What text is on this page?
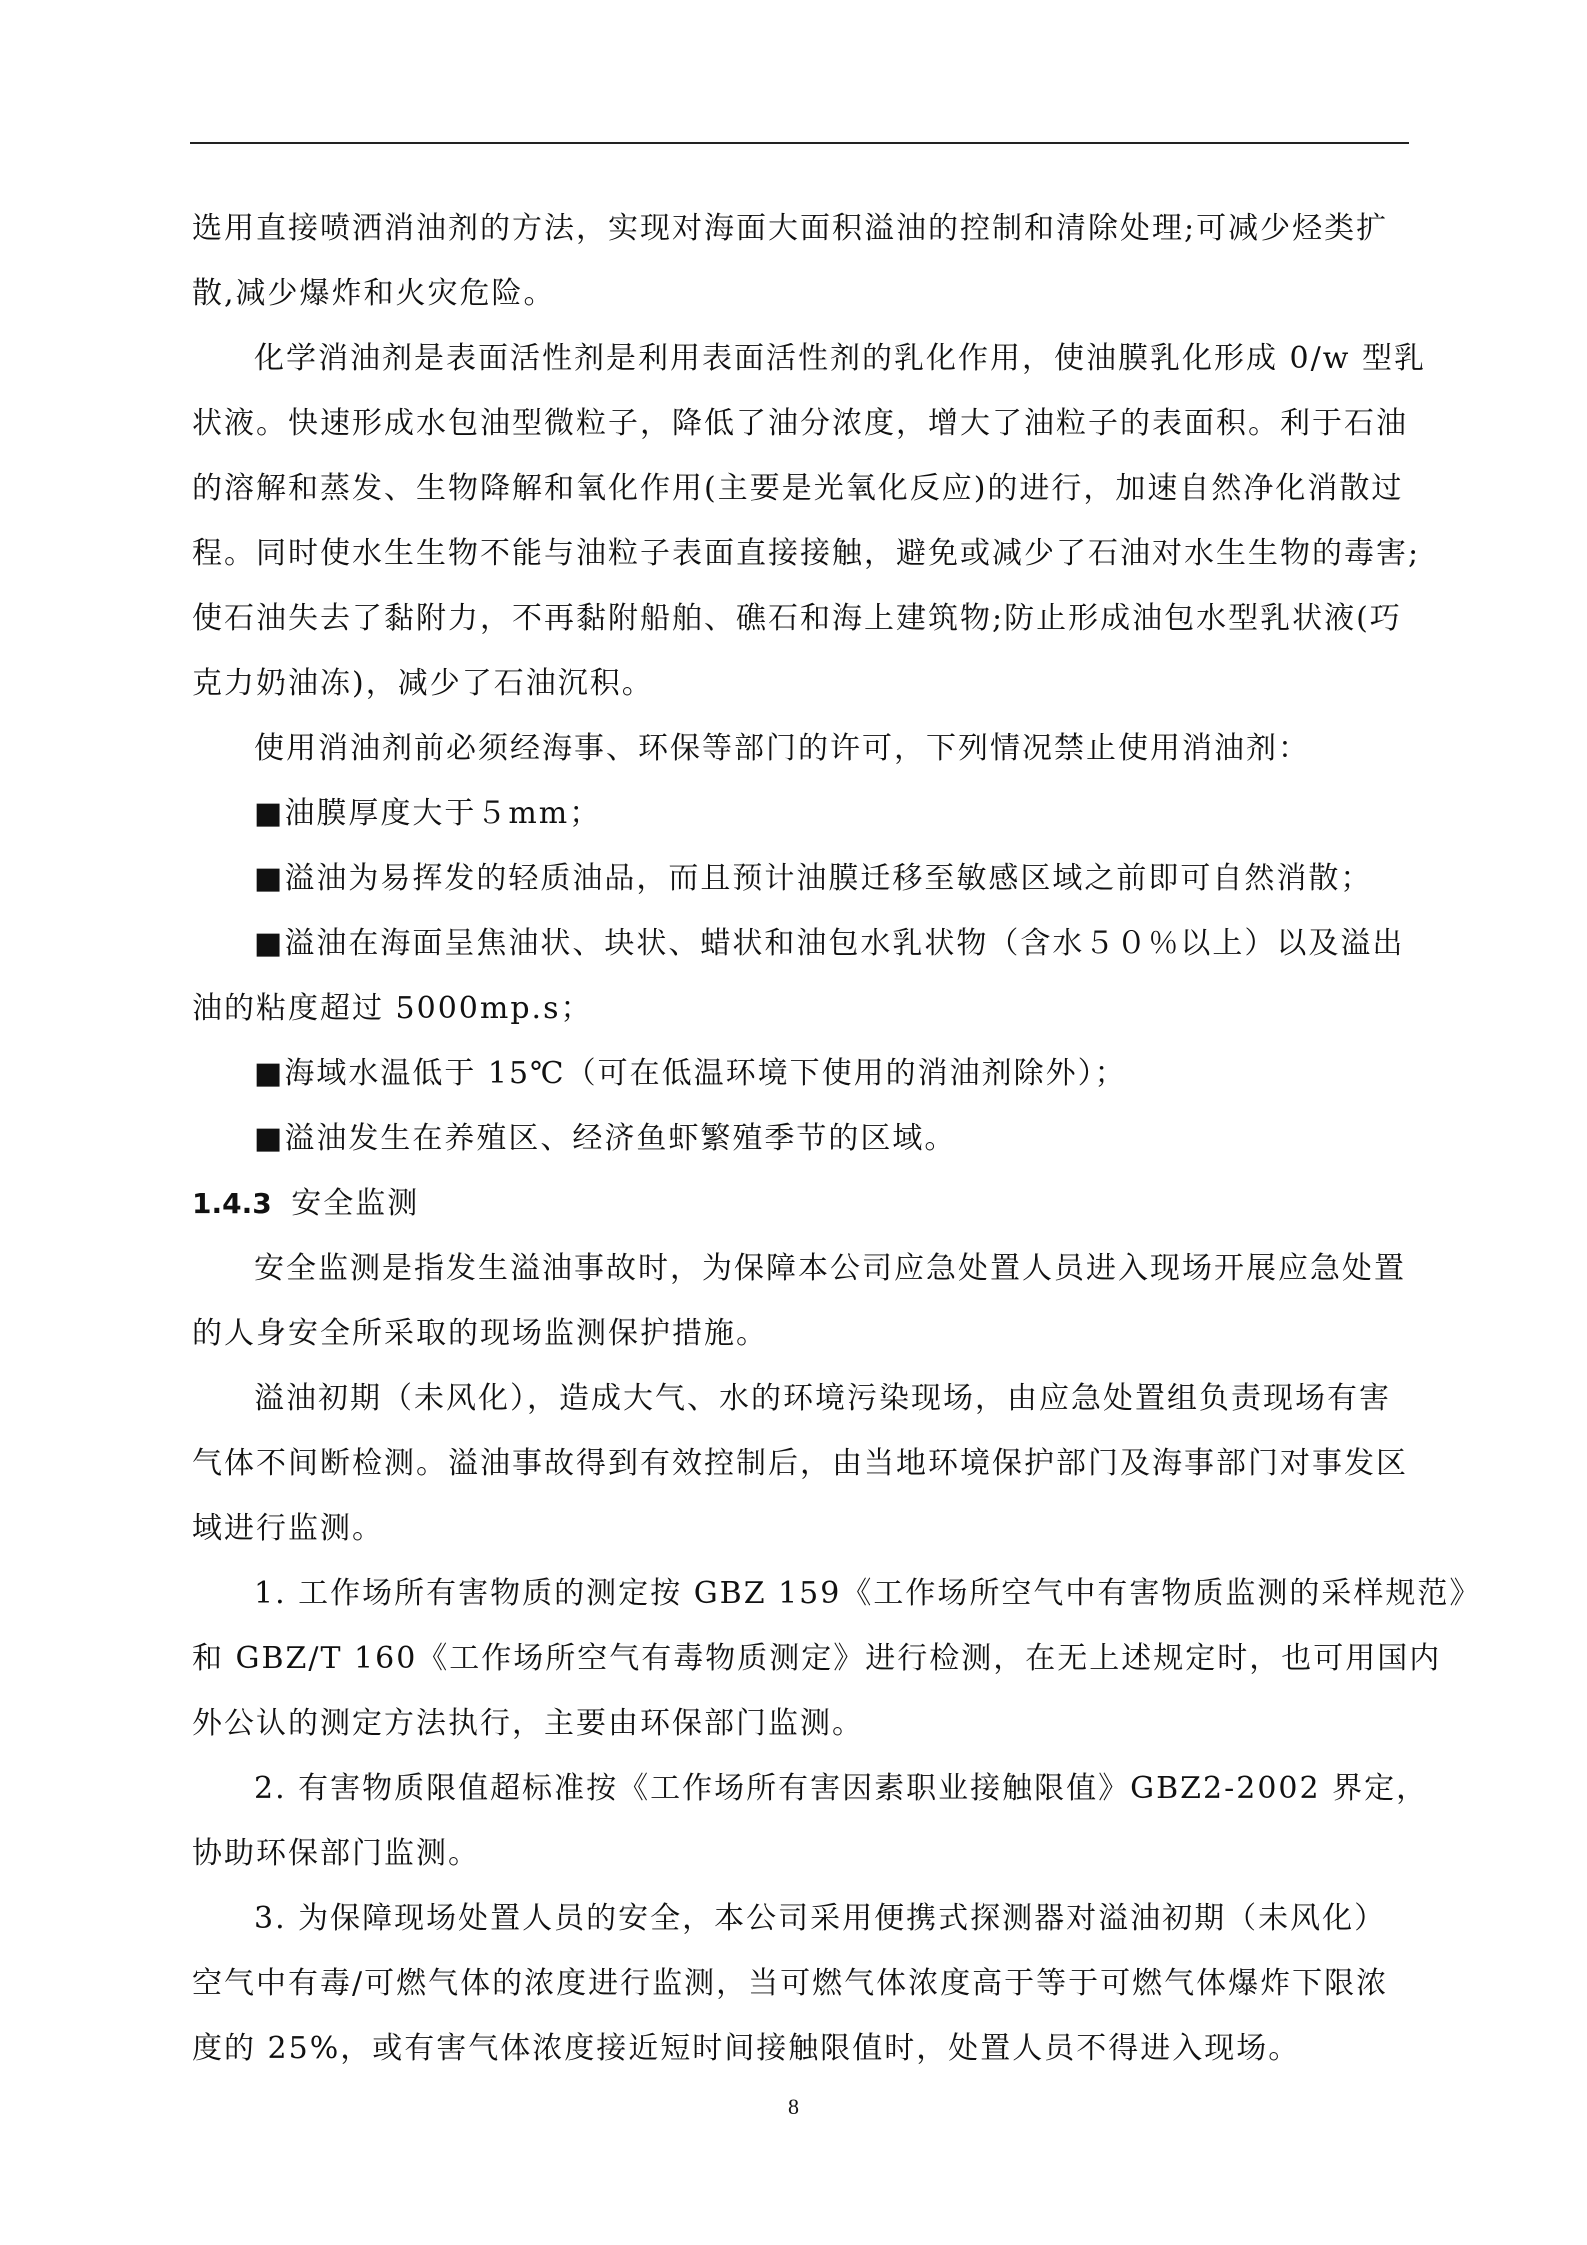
选用直接喷洒消油剂的方法，实现对海面大面积溢油的控制和清除处理;可减少烃类扩

散,减少爆炸和火灾危险。

化学消油剂是表面活性剂是利用表面活性剂的乳化作用，使油膜乳化形成 0/w 型乳

状液。快速形成水包油型微粒子，降低了油分浓度，增大了油粒子的表面积。利于石油

的溶解和蒸发、生物降解和氧化作用(主要是光氧化反应)的进行，加速自然净化消散过

程。同时使水生生物不能与油粒子表面直接接触，避免或减少了石油对水生生物的毒害;

使石油失去了黏附力，不再黏附船舶、礁石和海上建筑物;防止形成油包水型乳状液(巧

克力奶油冻)，减少了石油沉积。

使用消油剂前必须经海事、环保等部门的许可，下列情况禁止使用消油剂：

■油膜厚度大于５mm；

■溢油为易挥发的轻质油品，而且预计油膜迁移至敏感区域之前即可自然消散；

■溢油在海面呈焦油状、块状、蜡状和油包水乳状物（含水５０％以上）以及溢出

油的粘度超过 5000mp.s；

■海域水温低于 15℃（可在低温环境下使用的消油剂除外）；

■溢油发生在养殖区、经济鱼虾繁殖季节的区域。

1.4.3 安全监测

安全监测是指发生溢油事故时，为保障本公司应急处置人员进入现场开展应急处置

的人身安全所采取的现场监测保护措施。

溢油初期（未风化），造成大气、水的环境污染现场，由应急处置组负责现场有害

气体不间断检测。溢油事故得到有效控制后，由当地环境保护部门及海事部门对事发区

域进行监测。

1. 工作场所有害物质的测定按 GBZ 159《工作场所空气中有害物质监测的采样规范》

和 GBZ/T 160《工作场所空气有毒物质测定》进行检测，在无上述规定时，也可用国内

外公认的测定方法执行，主要由环保部门监测。

2. 有害物质限值超标准按《工作场所有害因素职业接触限值》GBZ2-2002 界定，

协助环保部门监测。

3. 为保障现场处置人员的安全，本公司采用便携式探测器对溢油初期（未风化）

空气中有毒/可燃气体的浓度进行监测，当可燃气体浓度高于等于可燃气体爆炸下限浓

度的 25%，或有害气体浓度接近短时间接触限值时，处置人员不得进入现场。

8
